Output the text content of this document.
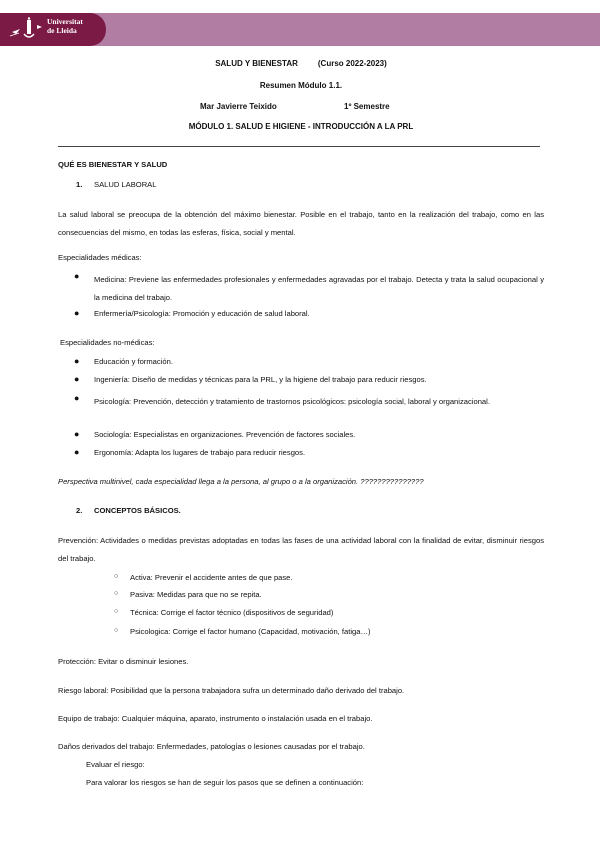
Universitat
de Lleida
SALUD Y BIENESTAR         (Curso 2022-2023)
Resumen Módulo 1.1.
Mar Javierre Teixido	1º Semestre
MÓDULO 1. SALUD E HIGIENE - INTRODUCCIÓN A LA PRL
QUÉ ES BIENESTAR Y SALUD
1. SALUD LABORAL
La salud laboral se preocupa de la obtención del máximo bienestar. Posible en el trabajo, tanto en la realización del trabajo, como en las consecuencias del mismo, en todas las esferas, física, social y mental.
Especialidades médicas:
● Medicina: Previene las enfermedades profesionales y enfermedades agravadas por el trabajo. Detecta y trata la salud ocupacional y la medicina del trabajo.
● Enfermería/Psicología: Promoción y educación de salud laboral.
Especialidades no-médicas:
● Educación y formación.
● Ingeniería: Diseño de medidas y técnicas para la PRL, y la higiene del trabajo para reducir riesgos.
● Psicología: Prevención, detección y tratamiento de trastornos psicológicos: psicología social, laboral y organizacional.
● Sociología: Especialistas en organizaciones. Prevención de factores sociales.
● Ergonomía: Adapta los lugares de trabajo para reducir riesgos.
Perspectiva multinivel, cada especialidad llega a la persona, al grupo o a la organización. ???????????????
2. CONCEPTOS BÁSICOS.
Prevención: Actividades o medidas previstas adoptadas en todas las fases de una actividad laboral con la finalidad de evitar, disminuir riesgos del trabajo.
○ Activa: Prevenir el accidente antes de que pase.
○ Pasiva: Medidas para que no se repita.
○ Técnica: Corrige el factor técnico (dispositivos de seguridad)
○ Psicologica: Corrige el factor humano (Capacidad, motivación, fatiga…)
Protección: Evitar o disminuir lesiones.
Riesgo laboral: Posibilidad que la persona trabajadora sufra un determinado daño derivado del trabajo.
Equipo de trabajo: Cualquier máquina, aparato, instrumento o instalación usada en el trabajo.
Daños derivados del trabajo: Enfermedades, patologías o lesiones causadas por el trabajo.
Evaluar el riesgo:
Para valorar los riesgos se han de seguir los pasos que se definen a continuación:
